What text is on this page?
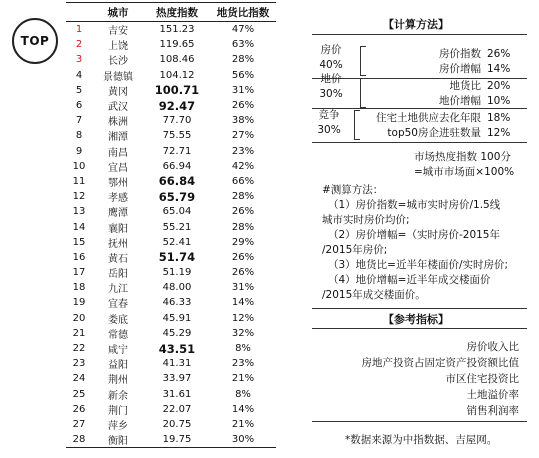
TOP
城市	热度指数	地货比指数
1	吉安	151.23	47%
2	上饶	119.65	63%
3	长沙	108.46	28%
4	景德镇	104.12	56%
5	黄冈	100.71	31%
6	武汉	92.47	26%
7	株洲	77.70	38%
8	湘潭	75.55	27%
9	南昌	72.71	23%
10	宜昌	66.94	42%
11	鄂州	66.84	66%
12	孝感	65.79	28%
13	鹰潭	65.04	26%
14	襄阳	55.21	28%
15	抚州	52.41	29%
16	黄石	51.74	26%
17	岳阳	51.19	26%
18	九江	48.00	31%
19	宜春	46.33	14%
20	娄底	45.91	12%
21	常德	45.29	32%
22	咸宁	43.51	8%
23	益阳	41.31	23%
24	荆州	33.97	21%
25	新余	31.61	8%
26	荆门	22.07	14%
27	萍乡	20.75	21%
28	衡阳	19.75	30%
【计算方法】
房价
40%
房价指数 26%
房价增幅 14%
地价
30%
地货比 20%
地价增幅 10%
竞争
30%
住宅土地供应去化年限 18%
top50房企进驻数量 12%
市场热度指数 100分
=城市市场面×100%
#测算方法：
（1）房价指数=城市实时房价/1.5线
城市实时房价均价;
（2）房价增幅=（实时房价-2015年
/2015年房价;
（3）地货比=近半年楼面价/实时房价;
（4）地价增幅=近半年成交楼面价
/2015年成交楼面价。
【参考指标】
房价收入比
房地产投资占固定资产投资额比值
市区住宅投资比
土地溢价率
销售利润率
*数据来源为中指数据、吉屋网。
